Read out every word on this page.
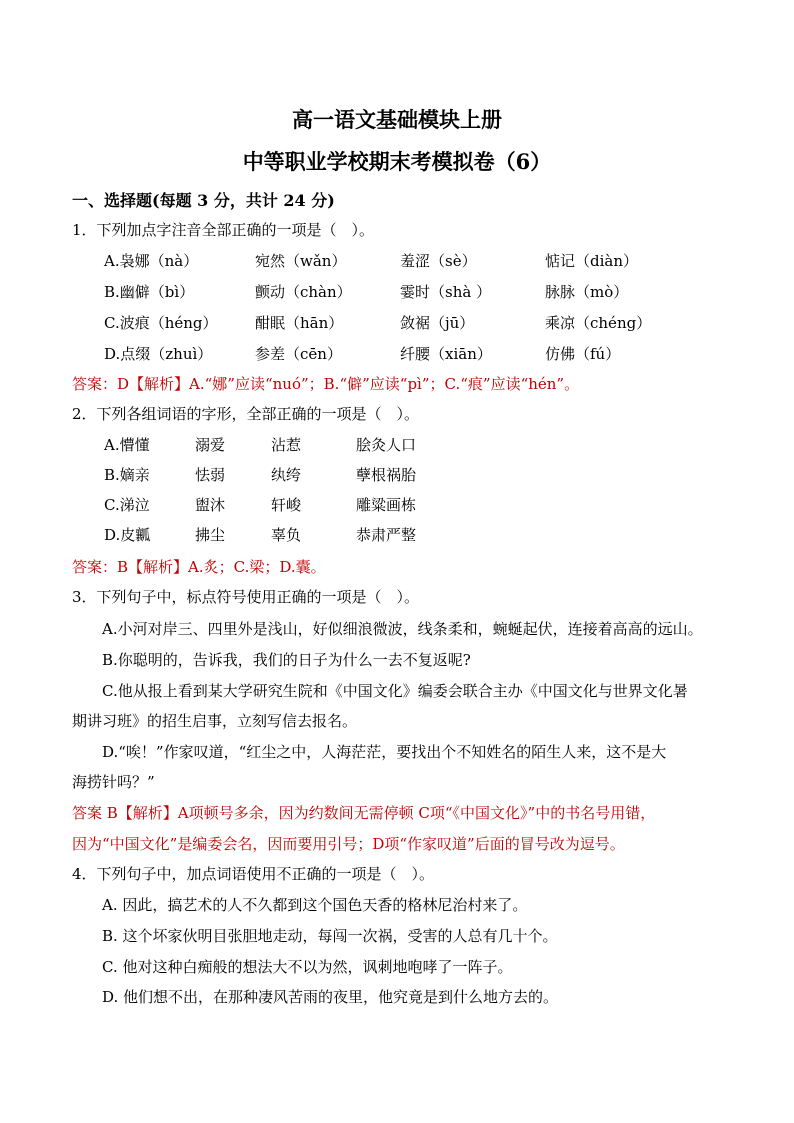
高一语文基础模块上册
中等职业学校期末考模拟卷（6）
一、选择题(每题 3 分，共计 24 分)
1．下列加点字注音全部正确的一项是（　）。
A.袅娜（nà）	宛然（wǎn）	羞涩（sè）	惦记（diàn）
B.幽僻（bì）	颤动（chàn）	霎时（shà ）	脉脉（mò）
C.波痕（héng） 酣眠（hān）	敛裾（jū）	乘凉（chéng）
D.点缀（zhuì）	参差（cēn）	纤腰（xiān）	仿佛（fú）
答案：D【解析】A.“娜”应读“nuó”；B.“僻”应读“pì”；C.“痕”应读“hén”。
2．下列各组词语的字形，全部正确的一项是（　）。
A.懵懂	溺爱	沾惹	脍灸人口
B.嫡亲	怯弱	纨绔	孽根祸胎
C.涕泣	盥沐	轩峻	雕粱画栋
D.皮瓤	拂尘	辜负	恭肃严整
答案：B【解析】A.炙；C.梁；D.囊。
3．下列句子中，标点符号使用正确的一项是（　）。
A.小河对岸三、四里外是浅山，好似细浪微波，线条柔和，蜿蜒起伏，连接着高高的远山。
B.你聪明的，告诉我，我们的日子为什么一去不复返呢?
C.他从报上看到某大学研究生院和《中国文化》编委会联合主办《中国文化与世界文化暑
期讲习班》的招生启事，立刻写信去报名。
D.“唉！”作家叹道，“红尘之中，人海茫茫，要找出个不知姓名的陌生人来，这不是大
海捞针吗？”
答案 B【解析】A项顿号多余，因为约数间无需停顿 C项“《中国文化》”中的书名号用错，
因为“中国文化”是编委会名，因而要用引号；D项“作家叹道”后面的冒号改为逗号。
4．下列句子中，加点词语使用不正确的一项是（　）。
A. 因此，搞艺术的人不久都到这个国色天香的格林尼治村来了。
B. 这个坏家伙明目张胆地走动，每闯一次祸，受害的人总有几十个。
C. 他对这种白痴般的想法大不以为然，讽刺地咆哮了一阵子。
D. 他们想不出，在那种凄风苦雨的夜里，他究竟是到什么地方去的。
